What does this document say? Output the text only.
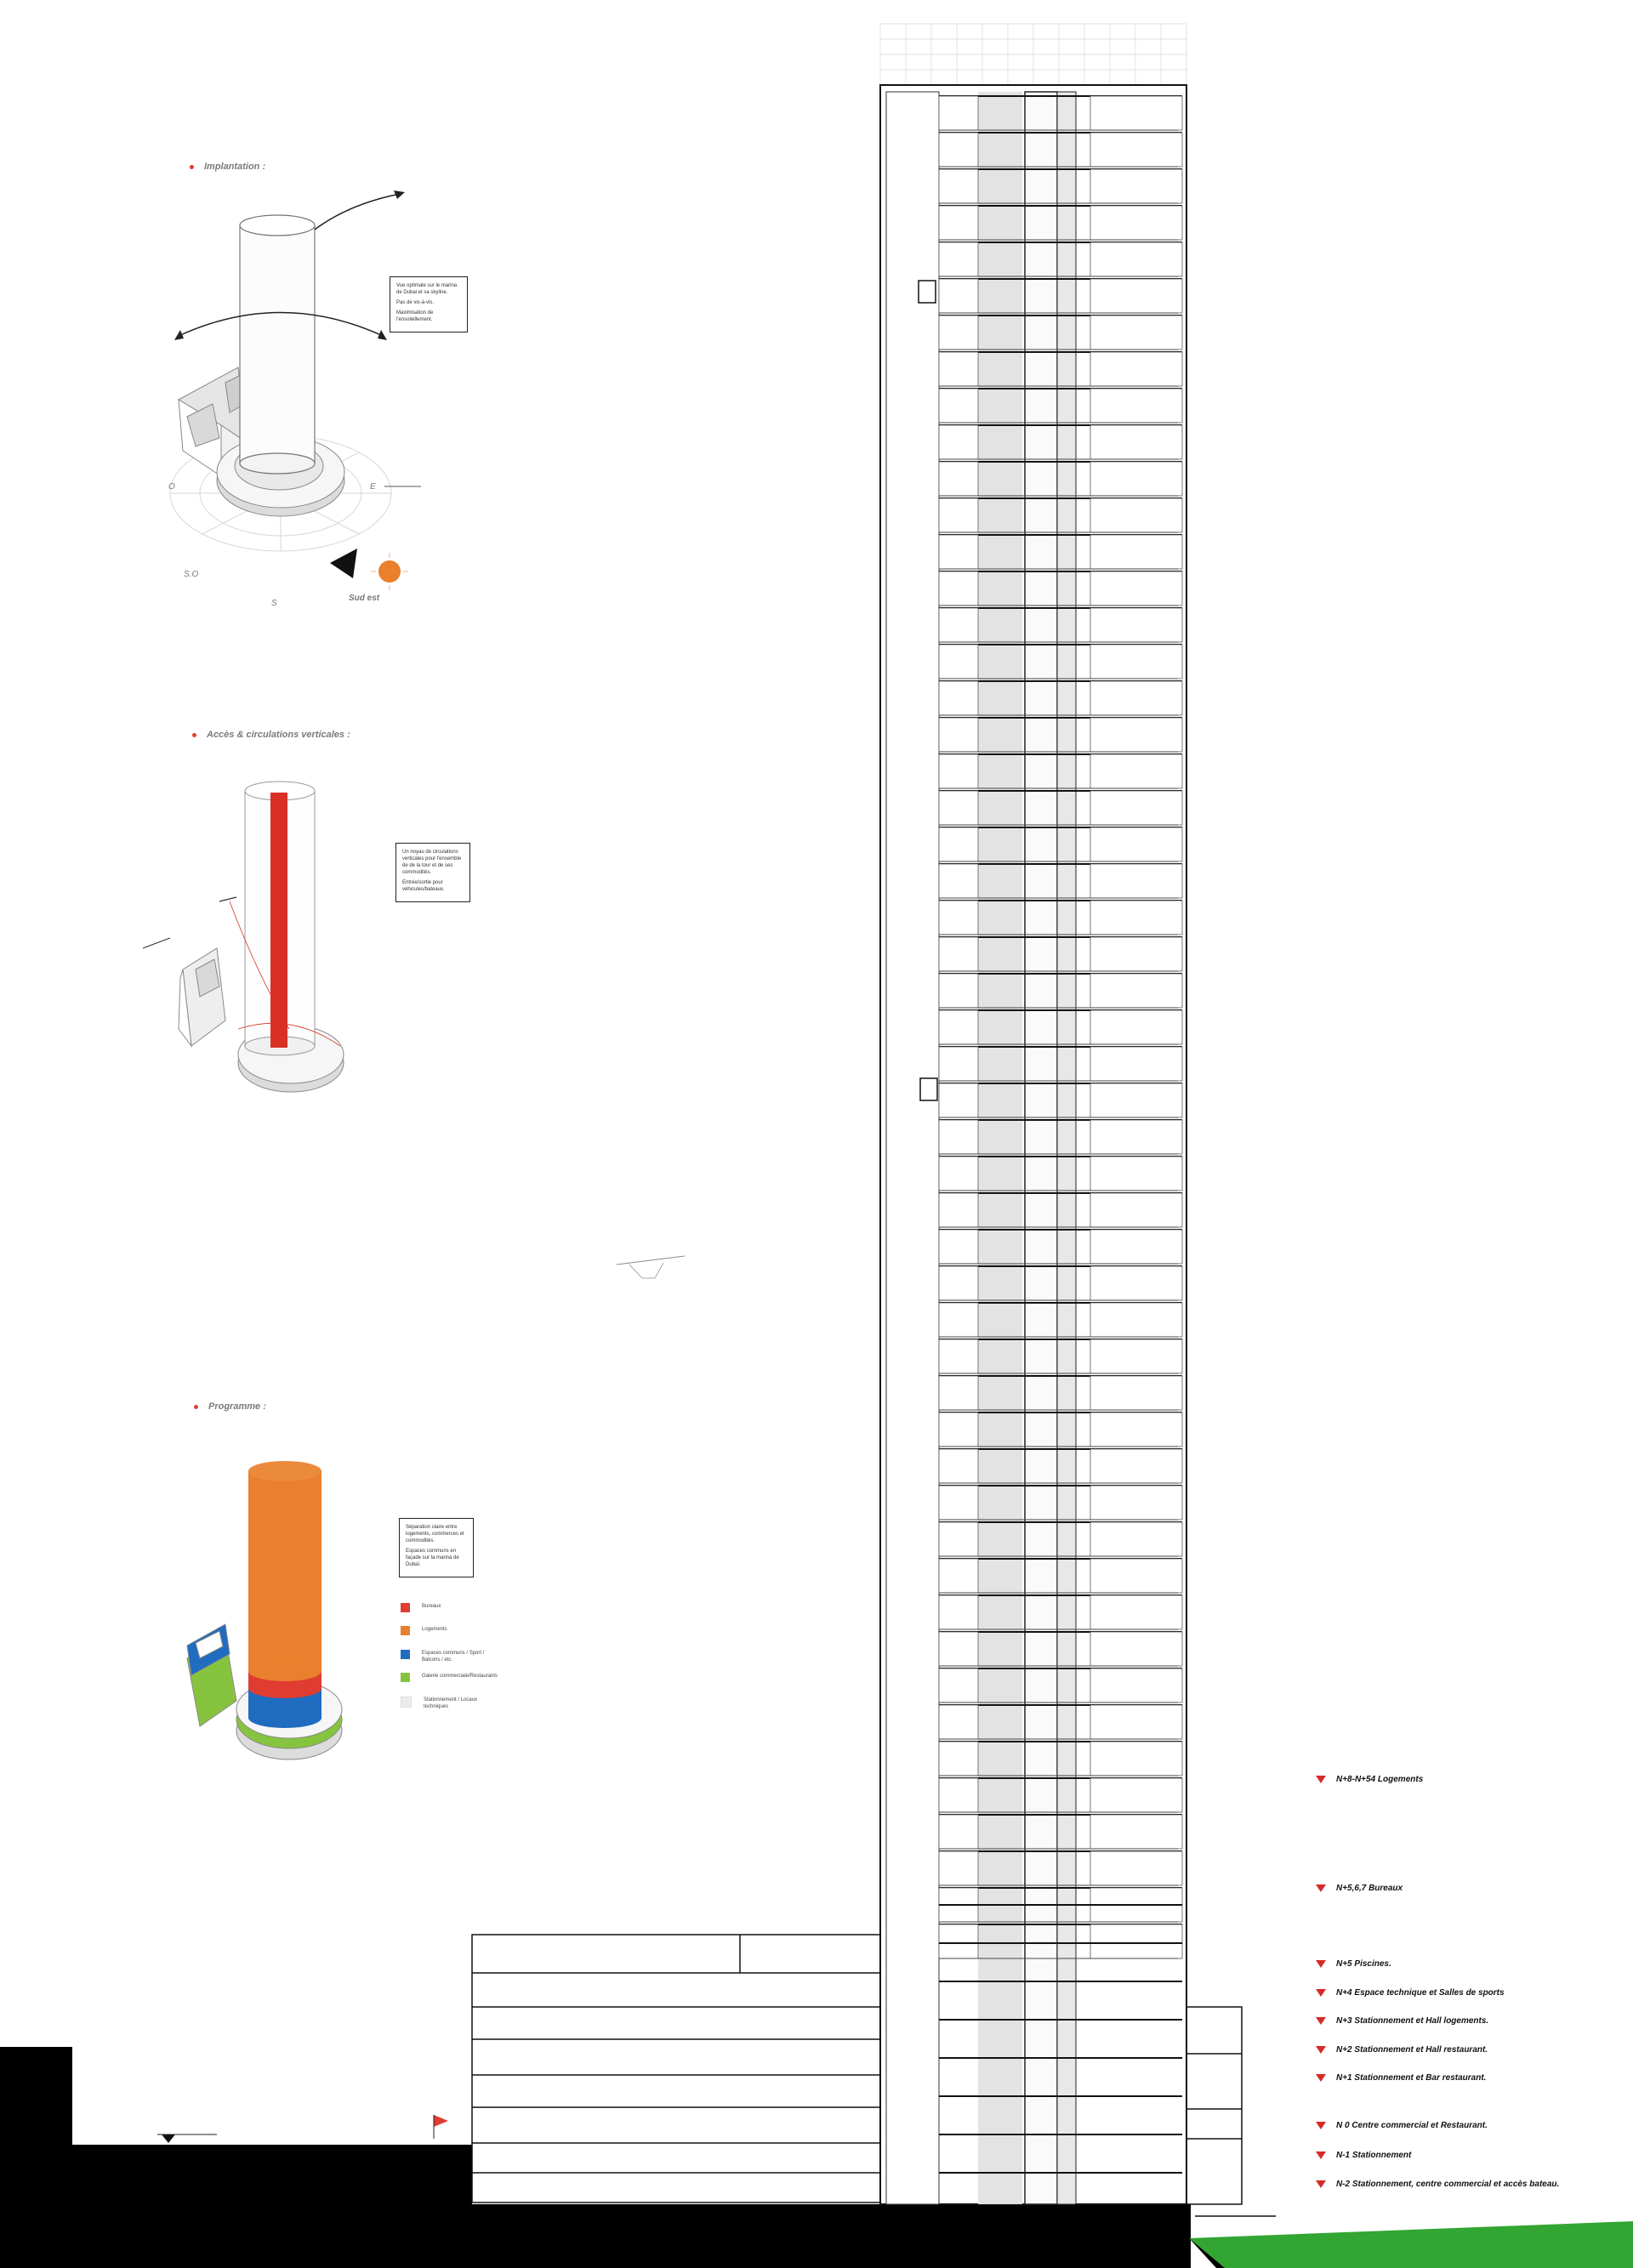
Implantation :
O	E
S.O
S
Sud est
Vue optimale sur le marina de Dubai et sa skyline.
Pas de vis-à-vis.
Maximisation de l'ensoleillement.
Accès & circulations verticales :
Un noyau de circulations verticales pour l'ensemble de de la tour et de ses commodités.
Entrée/sortie pour véhicules/bateaux.
Programme :
Séparation claire entre logements, commerces et commodités.
Espaces communs en façade sur la marina de Dubaï.
Bureaux
Logements
Espaces communs / Sport / Balcons / etc.
Galerie commerciale/Restaurants
Stationnement / Locaux techniques
N+8-N+54 Logements
N+5,6,7 Bureaux
N+5 Piscines.
N+4 Espace technique et Salles de sports
N+3 Stationnement et Hall logements.
N+2 Stationnement et Hall restaurant.
N+1 Stationnement et Bar restaurant.
N 0 Centre commercial et Restaurant.
N-1 Stationnement
N-2 Stationnement, centre commercial et accès bateau.
